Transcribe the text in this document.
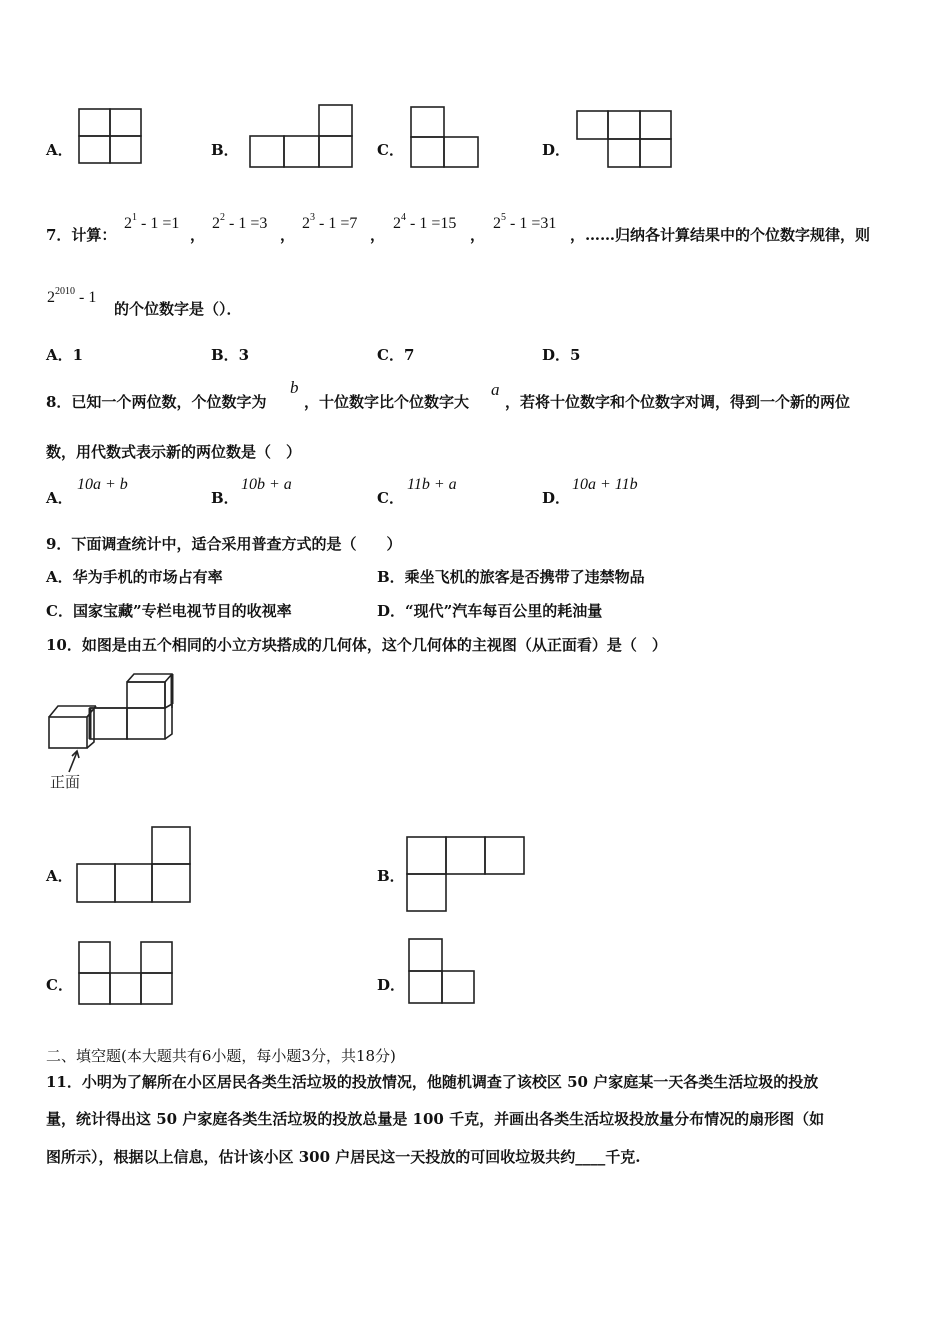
A．	B．	C．	D．
7．计算：
$2^1 - 1 =1$
，
$2^2 - 1 =3$
，
$2^3 - 1 =7$
，
$2^4 - 1 =15$
，
$2^5 - 1 =31$
，……归纳各计算结果中的个位数字规律，则
$2^{2010} - 1$
的个位数字是（）．
A．1	B．3	C．7	D．5
8．已知一个两位数，个位数字为
b
，十位数字比个位数字大
a
，若将十位数字和个位数字对调，得到一个新的两位
数，用代数式表示新的两位数是（　）
A．
10a + b
B．
10b + a
C．
11b + a
D．
10a + 11b
9．下面调查统计中，适合采用普查方式的是（　　）
A．华为手机的市场占有率	B．乘坐飞机的旅客是否携带了违禁物品
C．国家宝藏”专栏电视节目的收视率	D．“现代”汽车每百公里的耗油量
10．如图是由五个相同的小立方块搭成的几何体，这个几何体的主视图（从正面看）是（　）
正面
A．	B．
C．	D．
二、填空题(本大题共有6小题，每小题3分，共18分)
11．小明为了解所在小区居民各类生活垃圾的投放情况，他随机调查了该校区 50 户家庭某一天各类生活垃圾的投放
量，统计得出这 50 户家庭各类生活垃圾的投放总量是 100 千克，并画出各类生活垃圾投放量分布情况的扇形图（如
图所示），根据以上信息，估计该小区 300 户居民这一天投放的可回收垃圾共约____千克.
